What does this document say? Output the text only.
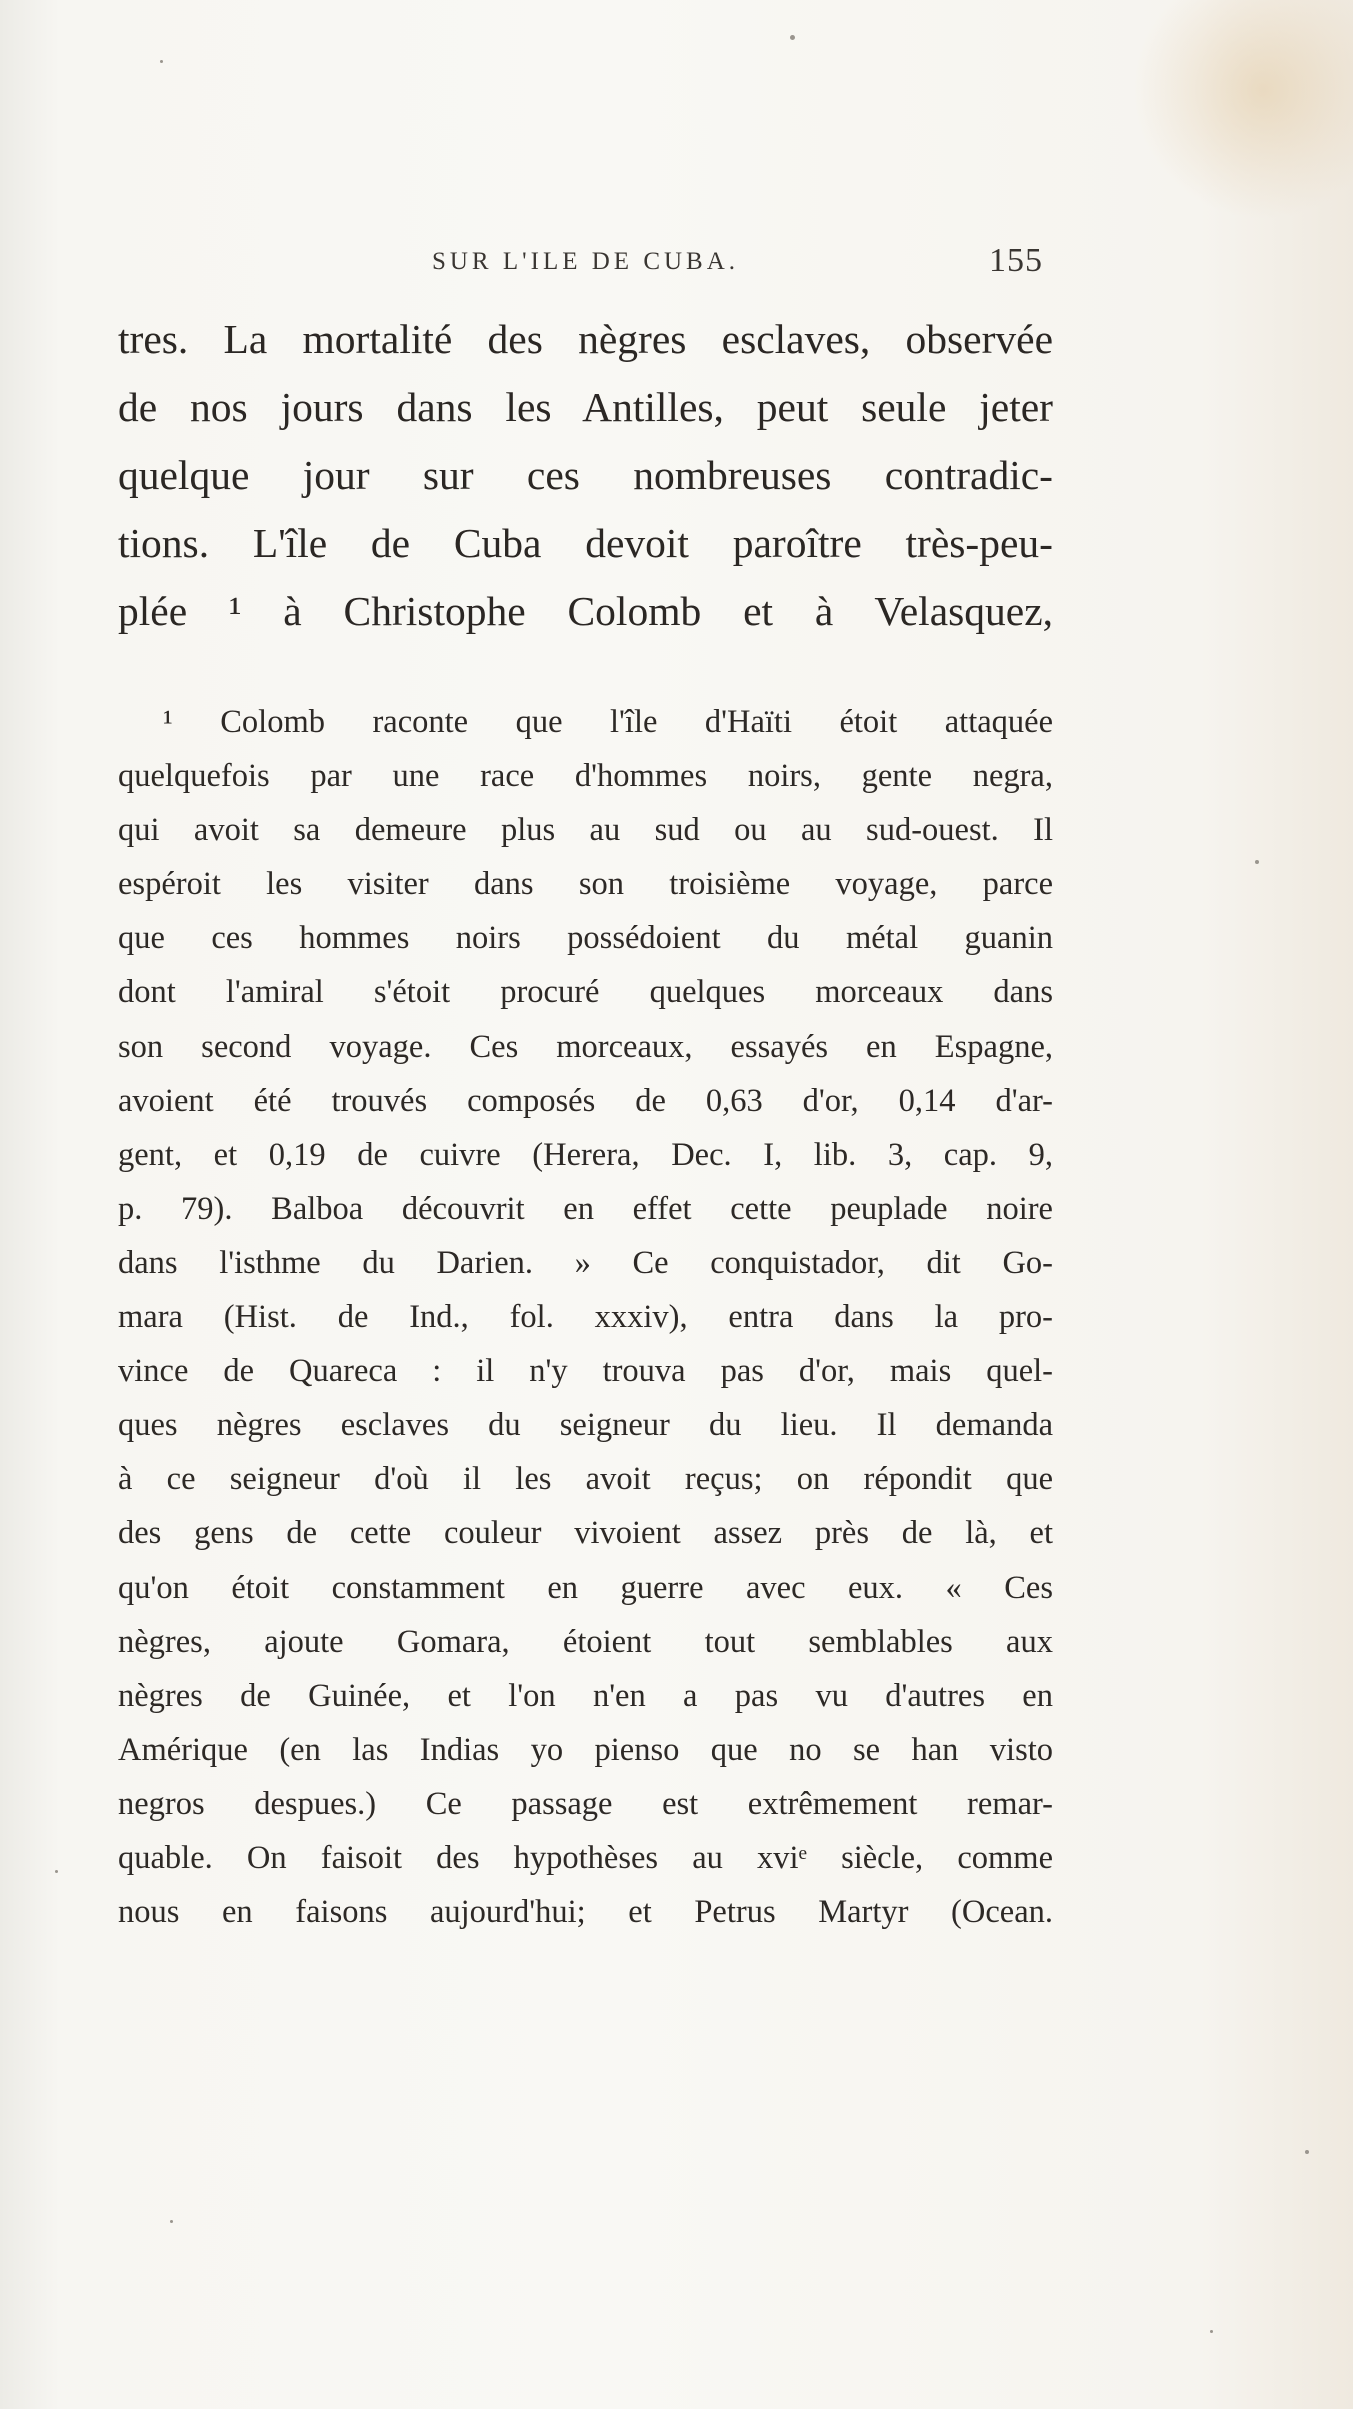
SUR L'ILE DE CUBA.	155
tres. La mortalité des nègres esclaves, observée
de nos jours dans les Antilles, peut seule jeter
quelque jour sur ces nombreuses contradic-
tions. L'île de Cuba devoit paroître très-peu-
plée ¹ à Christophe Colomb et à Velasquez,
¹ Colomb raconte que l'île d'Haïti étoit attaquée
quelquefois par une race d'hommes noirs, gente negra,
qui avoit sa demeure plus au sud ou au sud-ouest. Il
espéroit les visiter dans son troisième voyage, parce
que ces hommes noirs possédoient du métal guanin
dont l'amiral s'étoit procuré quelques morceaux dans
son second voyage. Ces morceaux, essayés en Espagne,
avoient été trouvés composés de 0,63 d'or, 0,14 d'ar-
gent, et 0,19 de cuivre (Herera, Dec. I, lib. 3, cap. 9,
p. 79). Balboa découvrit en effet cette peuplade noire
dans l'isthme du Darien. » Ce conquistador, dit Go-
mara (Hist. de Ind., fol. xxxiv), entra dans la pro-
vince de Quareca : il n'y trouva pas d'or, mais quel-
ques nègres esclaves du seigneur du lieu. Il demanda
à ce seigneur d'où il les avoit reçus; on répondit que
des gens de cette couleur vivoient assez près de là, et
qu'on étoit constamment en guerre avec eux. « Ces
nègres, ajoute Gomara, étoient tout semblables aux
nègres de Guinée, et l'on n'en a pas vu d'autres en
Amérique (en las Indias yo pienso que no se han visto
negros despues.) Ce passage est extrêmement remar-
quable. On faisoit des hypothèses au xviᵉ siècle, comme
nous en faisons aujourd'hui; et Petrus Martyr (Ocean.
